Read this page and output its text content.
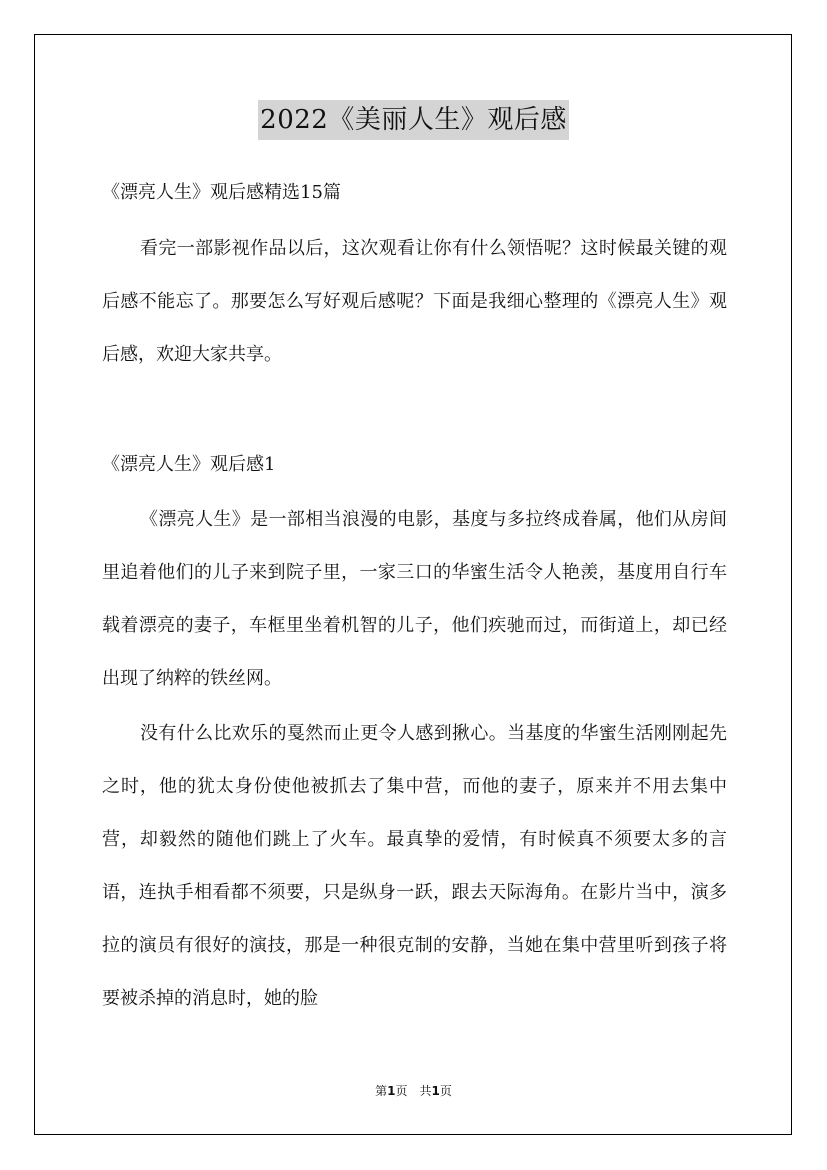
2022《美丽人生》观后感
《漂亮人生》观后感精选15篇
看完一部影视作品以后，这次观看让你有什么领悟呢？这时候最关键的观后感不能忘了。那要怎么写好观后感呢？下面是我细心整理的《漂亮人生》观后感，欢迎大家共享。
《漂亮人生》观后感1
《漂亮人生》是一部相当浪漫的电影，基度与多拉终成眷属，他们从房间里追着他们的儿子来到院子里，一家三口的华蜜生活令人艳羡，基度用自行车载着漂亮的妻子，车框里坐着机智的儿子，他们疾驰而过，而街道上，却已经出现了纳粹的铁丝网。
没有什么比欢乐的戛然而止更令人感到揪心。当基度的华蜜生活刚刚起先之时，他的犹太身份使他被抓去了集中营，而他的妻子，原来并不用去集中营，却毅然的随他们跳上了火车。最真挚的爱情，有时候真不须要太多的言语，连执手相看都不须要，只是纵身一跃，跟去天际海角。在影片当中，演多拉的演员有很好的演技，那是一种很克制的安静，当她在集中营里听到孩子将要被杀掉的消息时，她的脸
第1页　共1页
